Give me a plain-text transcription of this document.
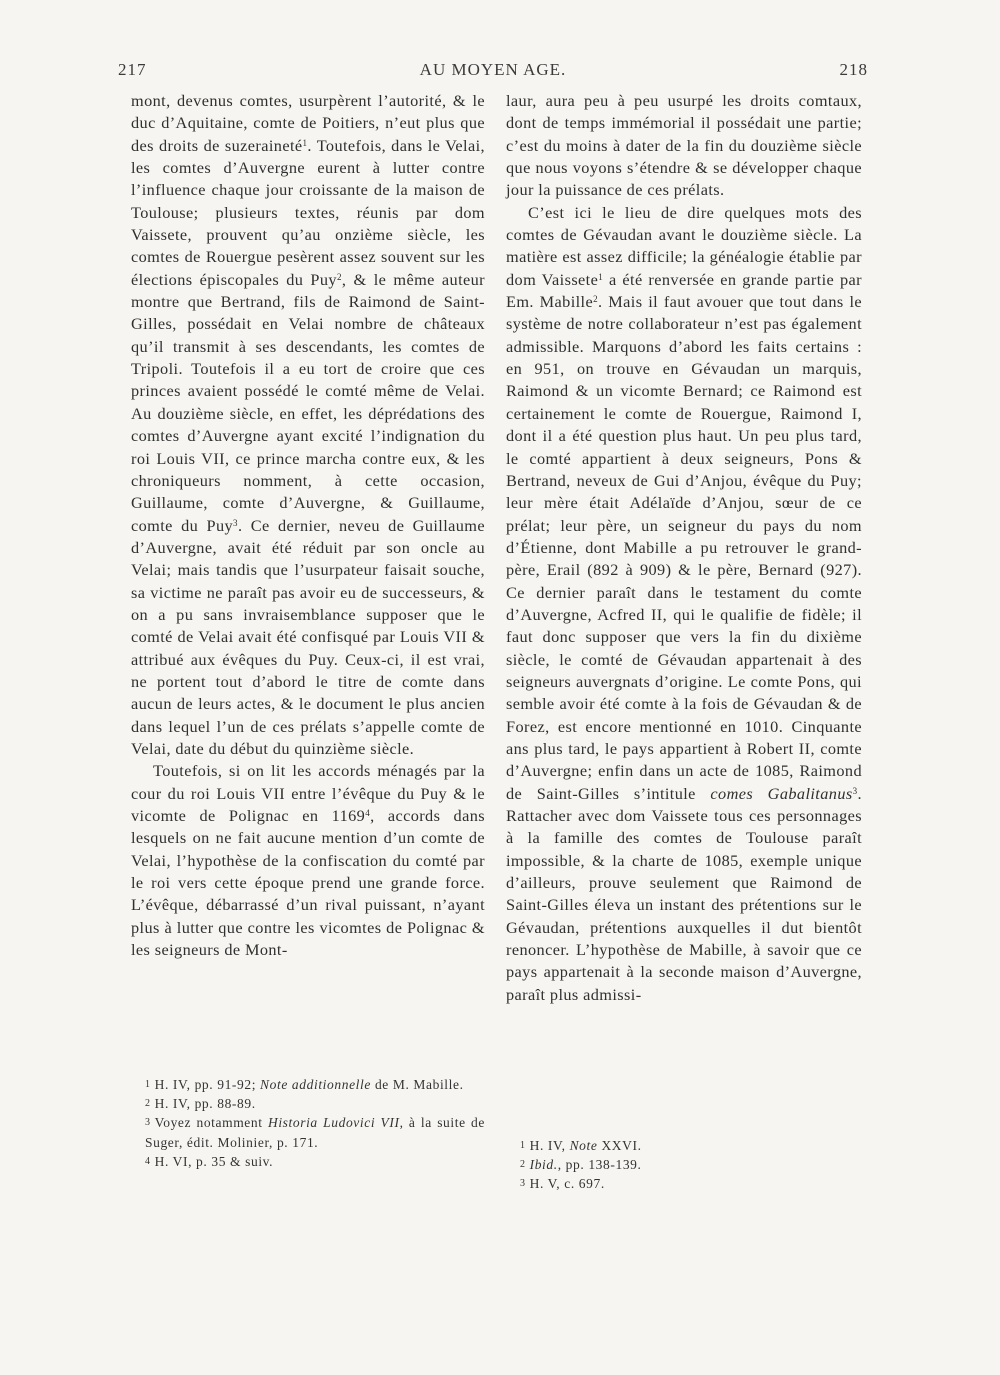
217	AU MOYEN AGE.	218

mont, devenus comtes, usurpèrent l’autorité, & le duc d’Aquitaine, comte de Poitiers, n’eut plus que des droits de suzeraineté$^1$. Toutefois, dans le Velai, les comtes d’Auvergne eurent à lutter contre l’influence chaque jour croissante de la maison de Toulouse; plusieurs textes, réunis par dom Vaissete, prouvent qu’au onzième siècle, les comtes de Rouergue pesèrent assez souvent sur les élections épiscopales du Puy$^2$, & le même auteur montre que Bertrand, fils de Raimond de Saint-Gilles, possédait en Velai nombre de châteaux qu’il transmit à ses descendants, les comtes de Tripoli. Toutefois il a eu tort de croire que ces princes avaient possédé le comté même de Velai. Au douzième siècle, en effet, les déprédations des comtes d’Auvergne ayant excité l’indignation du roi Louis VII, ce prince marcha contre eux, & les chroniqueurs nomment, à cette occasion, Guillaume, comte d’Auvergne, & Guillaume, comte du Puy$^3$. Ce dernier, neveu de Guillaume d’Auvergne, avait été réduit par son oncle au Velai; mais tandis que l’usurpateur faisait souche, sa victime ne paraît pas avoir eu de successeurs, & on a pu sans invraisemblance supposer que le comté de Velai avait été confisqué par Louis VII & attribué aux évêques du Puy. Ceux-ci, il est vrai, ne portent tout d’abord le titre de comte dans aucun de leurs actes, & le document le plus ancien dans lequel l’un de ces prélats s’appelle comte de Velai, date du début du quinzième siècle.

Toutefois, si on lit les accords ménagés par la cour du roi Louis VII entre l’évêque du Puy & le vicomte de Polignac en 1169$^4$, accords dans lesquels on ne fait aucune mention d’un comte de Velai, l’hypothèse de la confiscation du comté par le roi vers cette époque prend une grande force. L’évêque, débarrassé d’un rival puissant, n’ayant plus à lutter que contre les vicomtes de Polignac & les seigneurs de Mont-

laur, aura peu à peu usurpé les droits comtaux, dont de temps immémorial il possédait une partie; c’est du moins à dater de la fin du douzième siècle que nous voyons s’étendre & se développer chaque jour la puissance de ces prélats.

C’est ici le lieu de dire quelques mots des comtes de Gévaudan avant le douzième siècle. La matière est assez difficile; la généalogie établie par dom Vaissete$^1$ a été renversée en grande partie par Em. Mabille$^2$. Mais il faut avouer que tout dans le système de notre collaborateur n’est pas également admissible. Marquons d’abord les faits certains : en 951, on trouve en Gévaudan un marquis, Raimond & un vicomte Bernard; ce Raimond est certainement le comte de Rouergue, Raimond I, dont il a été question plus haut. Un peu plus tard, le comté appartient à deux seigneurs, Pons & Bertrand, neveux de Gui d’Anjou, évêque du Puy; leur mère était Adélaïde d’Anjou, sœur de ce prélat; leur père, un seigneur du pays du nom d’Étienne, dont Mabille a pu retrouver le grand-père, Erail (892 à 909) & le père, Bernard (927). Ce dernier paraît dans le testament du comte d’Auvergne, Acfred II, qui le qualifie de fidèle; il faut donc supposer que vers la fin du dixième siècle, le comté de Gévaudan appartenait à des seigneurs auvergnats d’origine. Le comte Pons, qui semble avoir été comte à la fois de Gévaudan & de Forez, est encore mentionné en 1010. Cinquante ans plus tard, le pays appartient à Robert II, comte d’Auvergne; enfin dans un acte de 1085, Raimond de Saint-Gilles s’intitule comes Gabalitanus$^3$. Rattacher avec dom Vaissete tous ces personnages à la famille des comtes de Toulouse paraît impossible, & la charte de 1085, exemple unique d’ailleurs, prouve seulement que Raimond de Saint-Gilles éleva un instant des prétentions sur le Gévaudan, prétentions auxquelles il dut bientôt renoncer. L’hypothèse de Mabille, à savoir que ce pays appartenait à la seconde maison d’Auvergne, paraît plus admissi-

1 H. IV, pp. 91-92; Note additionnelle de M. Mabille.

2 H. IV, pp. 88-89.

3 Voyez notamment Historia Ludovici VII, à la suite de Suger, édit. Molinier, p. 171.

4 H. VI, p. 35 & suiv.

1 H. IV, Note XXVI.

2 Ibid., pp. 138-139.

3 H. V, c. 697.
